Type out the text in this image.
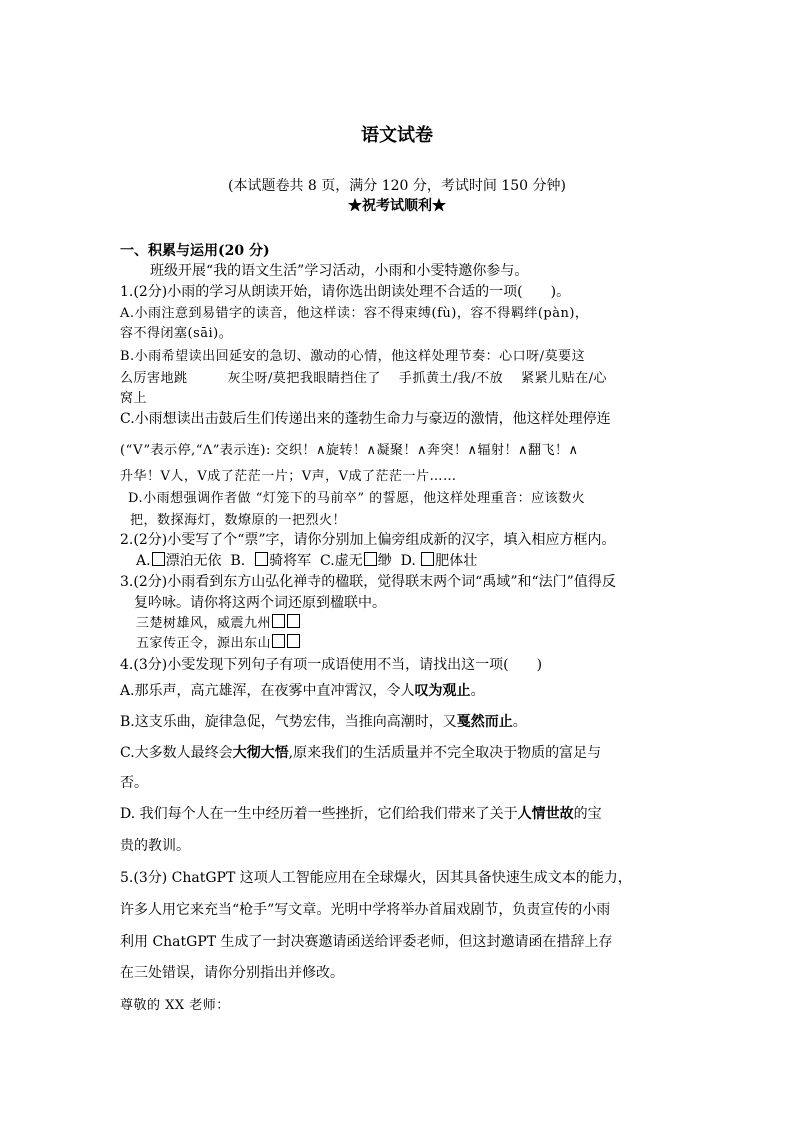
语文试卷
(本试题卷共 8 页，满分 120 分，考试时间 150 分钟)
★祝考试顺利★
一、积累与运用(20 分)
班级开展“我的语文生活”学习活动，小雨和小雯特邀你参与。
1.(2分)小雨的学习从朗读开始，请你选出朗读处理不合适的一项(　　)。
A.小雨注意到易错字的读音，他这样读：容不得束缚(fù)，容不得羁绊(pàn)，
容不得闭塞(sāi)。
B.小雨希望读出回延安的急切、激动的心情，他这样处理节奏：心口呀/莫要这
么厉害地跳	灰尘呀/莫把我眼睛挡住了 手抓黄土/我/不放 紧紧儿贴在/心
窝上
C.小雨想读出击鼓后生们传递出来的蓬勃生命力与豪迈的激情，他这样处理停连
(“V”表示停,“Λ”表示连): 交织！∧旋转！∧凝聚！∧奔突！∧辐射！∧翻飞！∧
升华！V人，V成了茫茫一片；V声，V成了茫茫一片……
D.小雨想强调作者做 “灯笼下的马前卒” 的誓愿，他这样处理重音：应该数火
把，数探海灯，数燎原的一把烈火！
2.(2分)小雯写了个“票”字，请你分别加上偏旁组成新的汉字，填入相应方框内。
A. 漂泊无依 B. 骑将军 C.虚无 缈 D. 肥体壮
3.(2分)小雨看到东方山弘化禅寺的楹联，觉得联末两个词“禹域”和“法门”值得反
复吟咏。请你将这两个词还原到楹联中。
三楚树雄风，威震九州
五家传正令，源出东山
4.(3分)小雯发现下列句子有项一成语使用不当，请找出这一项(　　)
A.那乐声，高亢雄浑，在夜雾中直冲霄汉，令人叹为观止。
B.这支乐曲，旋律急促，气势宏伟，当推向高潮时，又戛然而止。
C.大多数人最终会大彻大悟,原来我们的生活质量并不完全取决于物质的富足与
否。
D. 我们每个人在一生中经历着一些挫折，它们给我们带来了关于人情世故的宝
贵的教训。
5.(3分) ChatGPT 这项人工智能应用在全球爆火，因其具备快速生成文本的能力，
许多人用它来充当“枪手”写文章。光明中学将举办首届戏剧节，负责宣传的小雨
利用 ChatGPT 生成了一封决赛邀请函送给评委老师，但这封邀请函在措辞上存
在三处错误，请你分别指出并修改。
尊敬的 XX 老师：
